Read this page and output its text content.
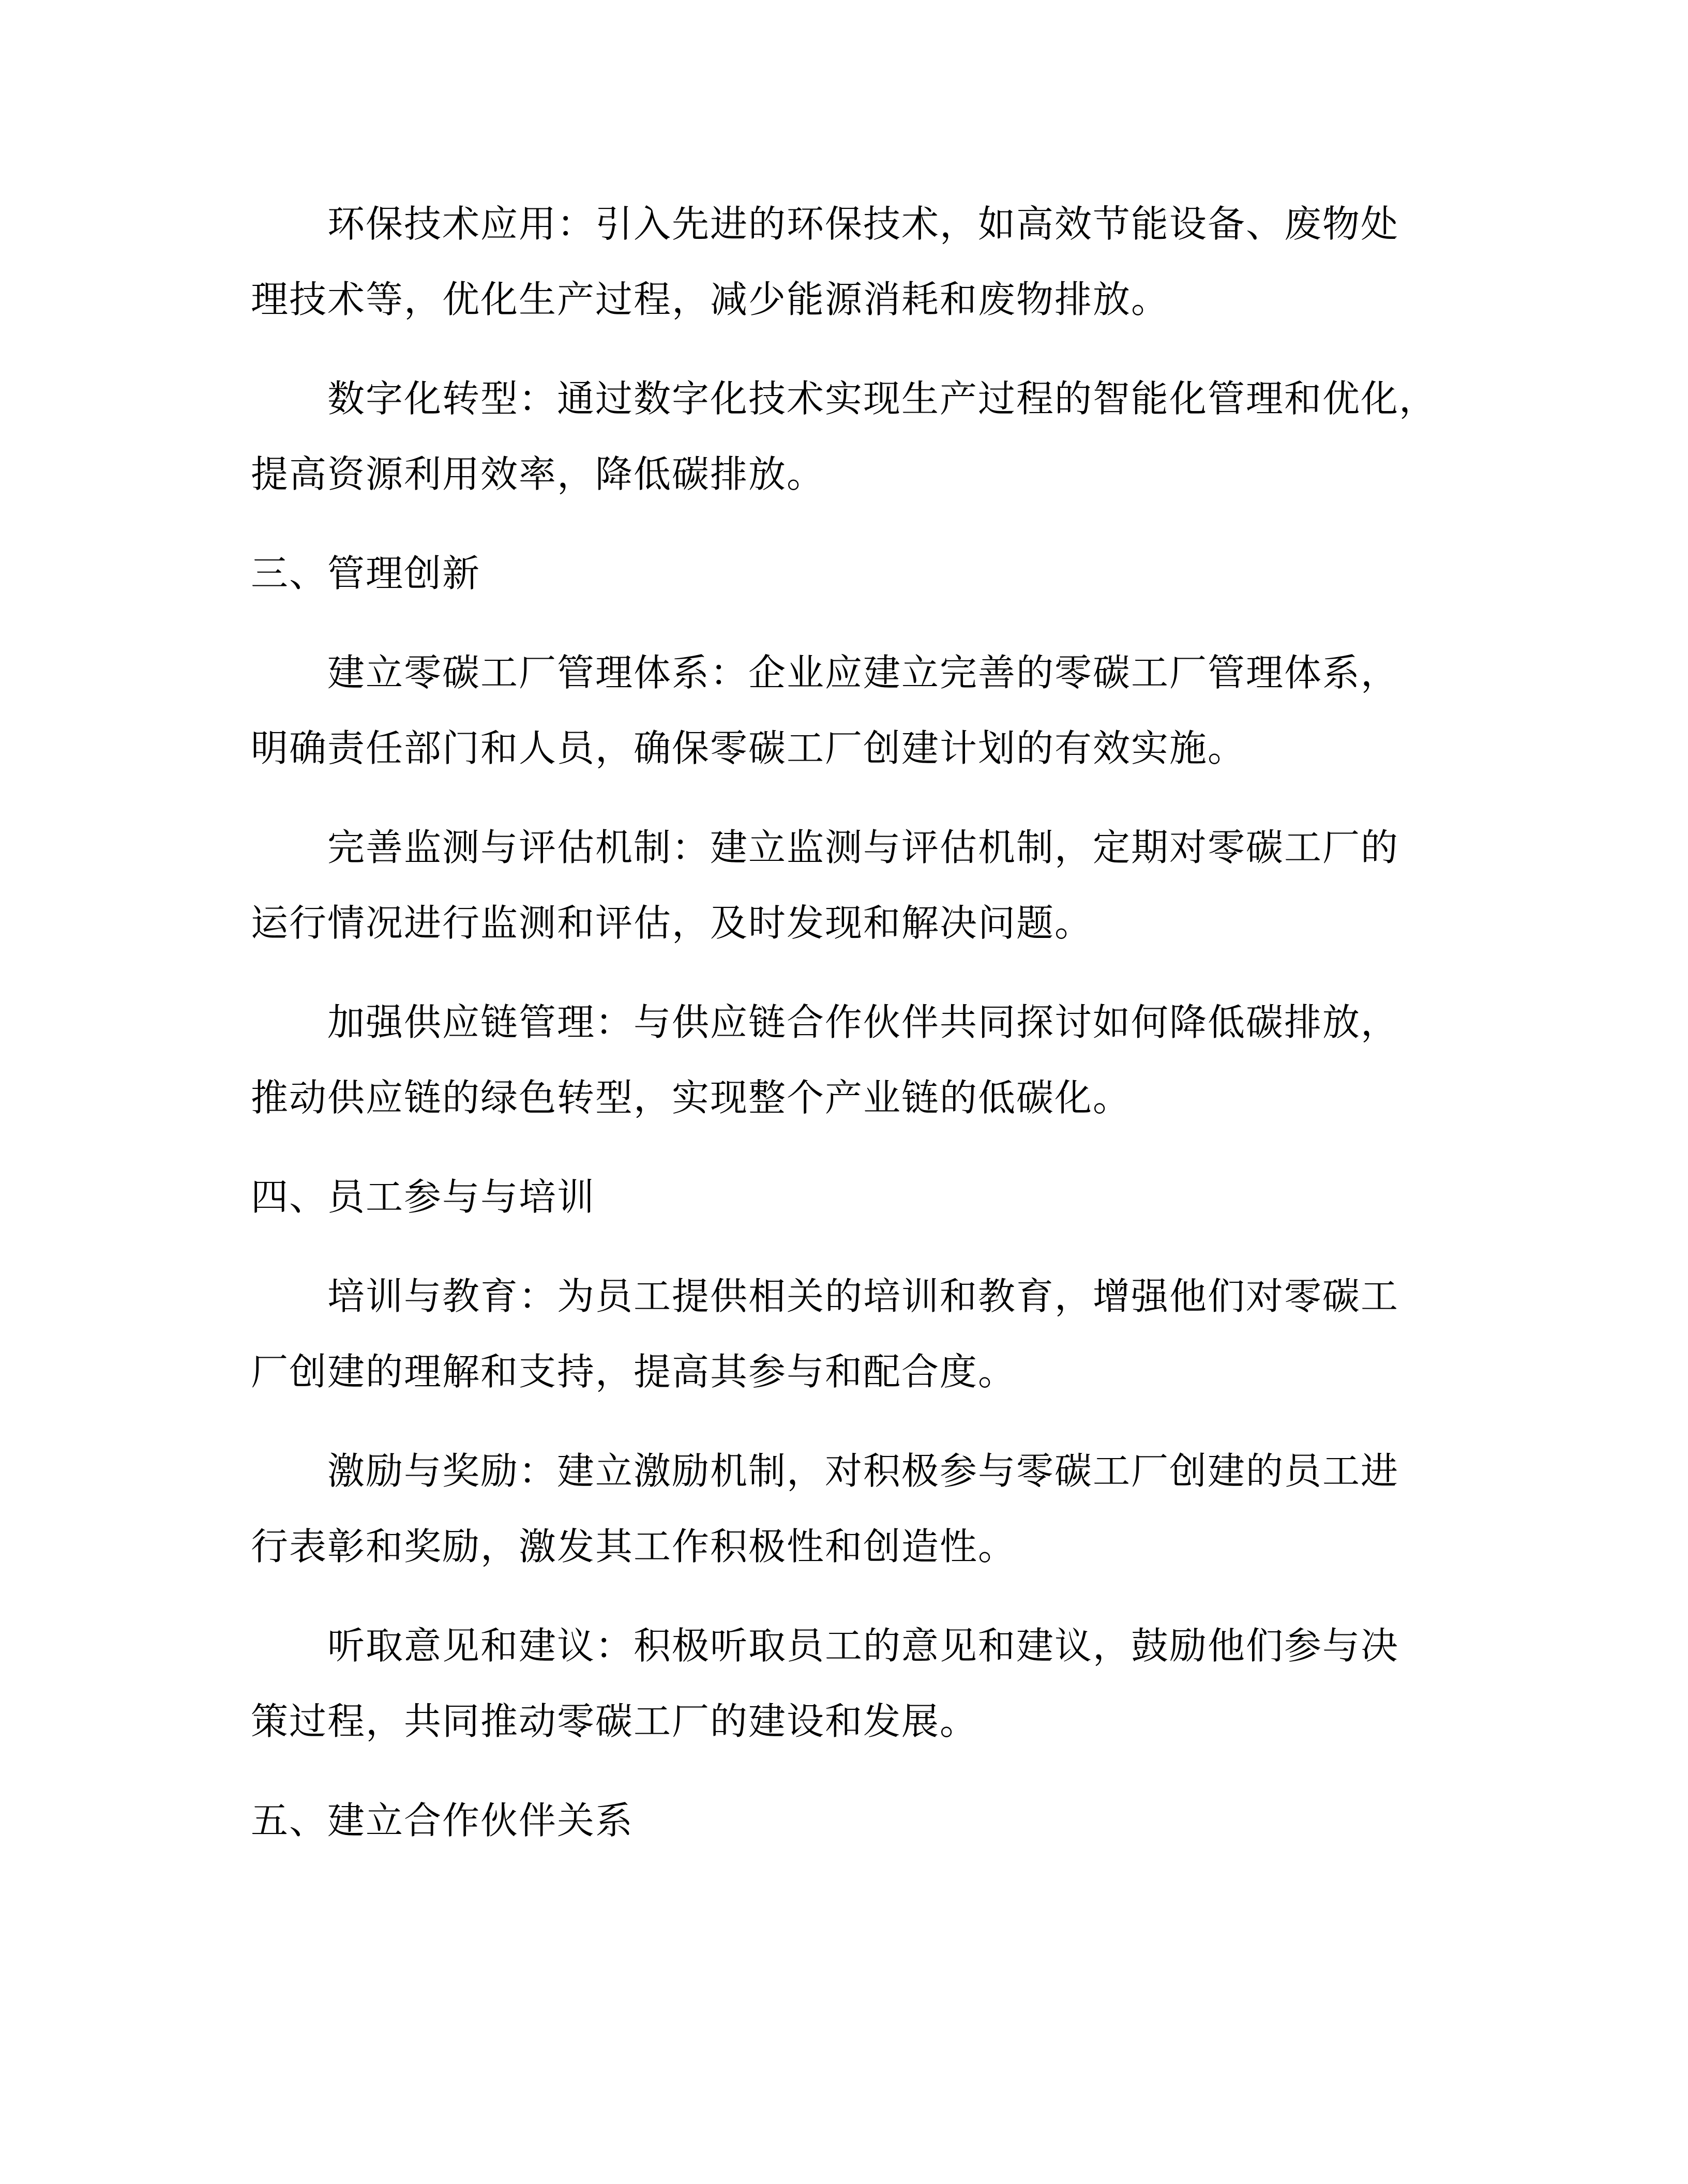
环保技术应用：引入先进的环保技术，如高效节能设备、废物处
理技术等，优化生产过程，减少能源消耗和废物排放。
数字化转型：通过数字化技术实现生产过程的智能化管理和优化，
提高资源利用效率，降低碳排放。
三、管理创新
建立零碳工厂管理体系：企业应建立完善的零碳工厂管理体系，
明确责任部门和人员，确保零碳工厂创建计划的有效实施。
完善监测与评估机制：建立监测与评估机制，定期对零碳工厂的
运行情况进行监测和评估，及时发现和解决问题。
加强供应链管理：与供应链合作伙伴共同探讨如何降低碳排放，
推动供应链的绿色转型，实现整个产业链的低碳化。
四、员工参与与培训
培训与教育：为员工提供相关的培训和教育，增强他们对零碳工
厂创建的理解和支持，提高其参与和配合度。
激励与奖励：建立激励机制，对积极参与零碳工厂创建的员工进
行表彰和奖励，激发其工作积极性和创造性。
听取意见和建议：积极听取员工的意见和建议，鼓励他们参与决
策过程，共同推动零碳工厂的建设和发展。
五、建立合作伙伴关系
